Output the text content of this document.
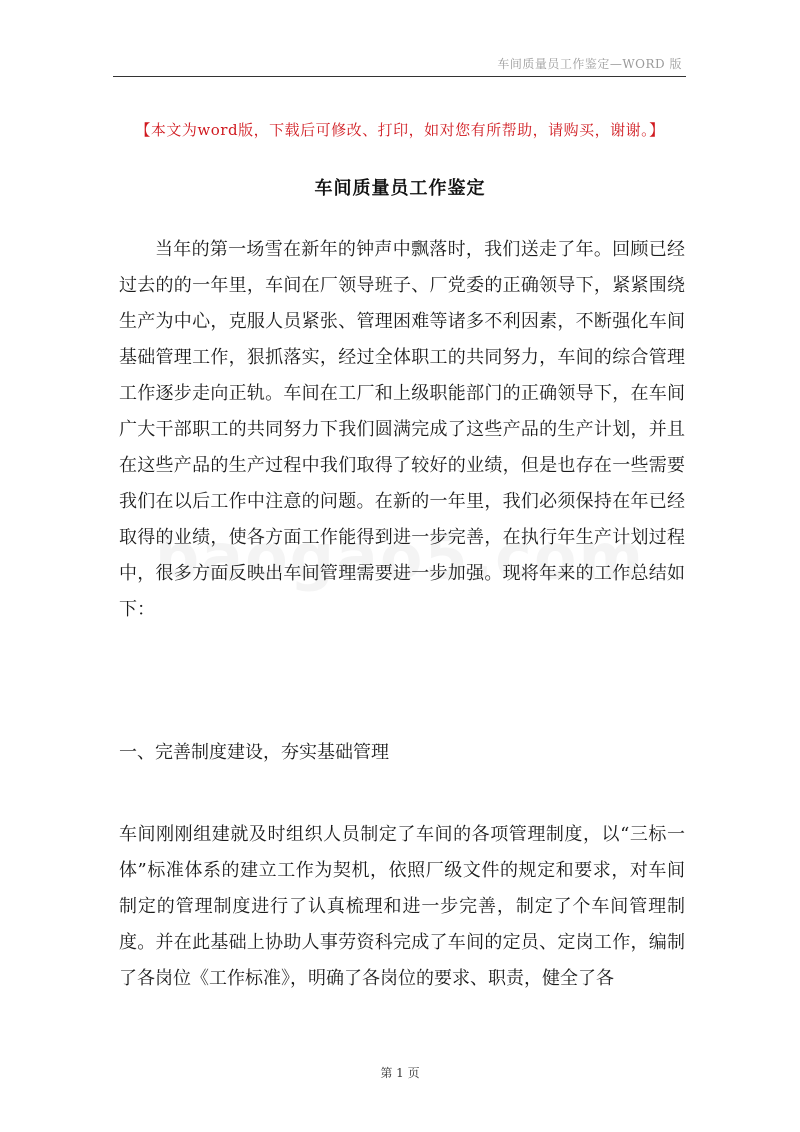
车间质量员工作鉴定—WORD 版
【本文为word版，下载后可修改、打印，如对您有所帮助，请购买，谢谢。】
车间质量员工作鉴定
当年的第一场雪在新年的钟声中飘落时，我们送走了年。回顾已经过去的的一年里，车间在厂领导班子、厂党委的正确领导下，紧紧围绕生产为中心，克服人员紧张、管理困难等诸多不利因素，不断强化车间基础管理工作，狠抓落实，经过全体职工的共同努力，车间的综合管理工作逐步走向正轨。车间在工厂和上级职能部门的正确领导下，在车间广大干部职工的共同努力下我们圆满完成了这些产品的生产计划，并且在这些产品的生产过程中我们取得了较好的业绩，但是也存在一些需要我们在以后工作中注意的问题。在新的一年里，我们必须保持在年已经取得的业绩，使各方面工作能得到进一步完善，在执行年生产计划过程中，很多方面反映出车间管理需要进一步加强。现将年来的工作总结如下：
一、完善制度建设，夯实基础管理
车间刚刚组建就及时组织人员制定了车间的各项管理制度，以“三标一体”标准体系的建立工作为契机，依照厂级文件的规定和要求，对车间制定的管理制度进行了认真梳理和进一步完善，制定了个车间管理制度。并在此基础上协助人事劳资科完成了车间的定员、定岗工作，编制了各岗位《工作标准》，明确了各岗位的要求、职责，健全了各
第 1 页
